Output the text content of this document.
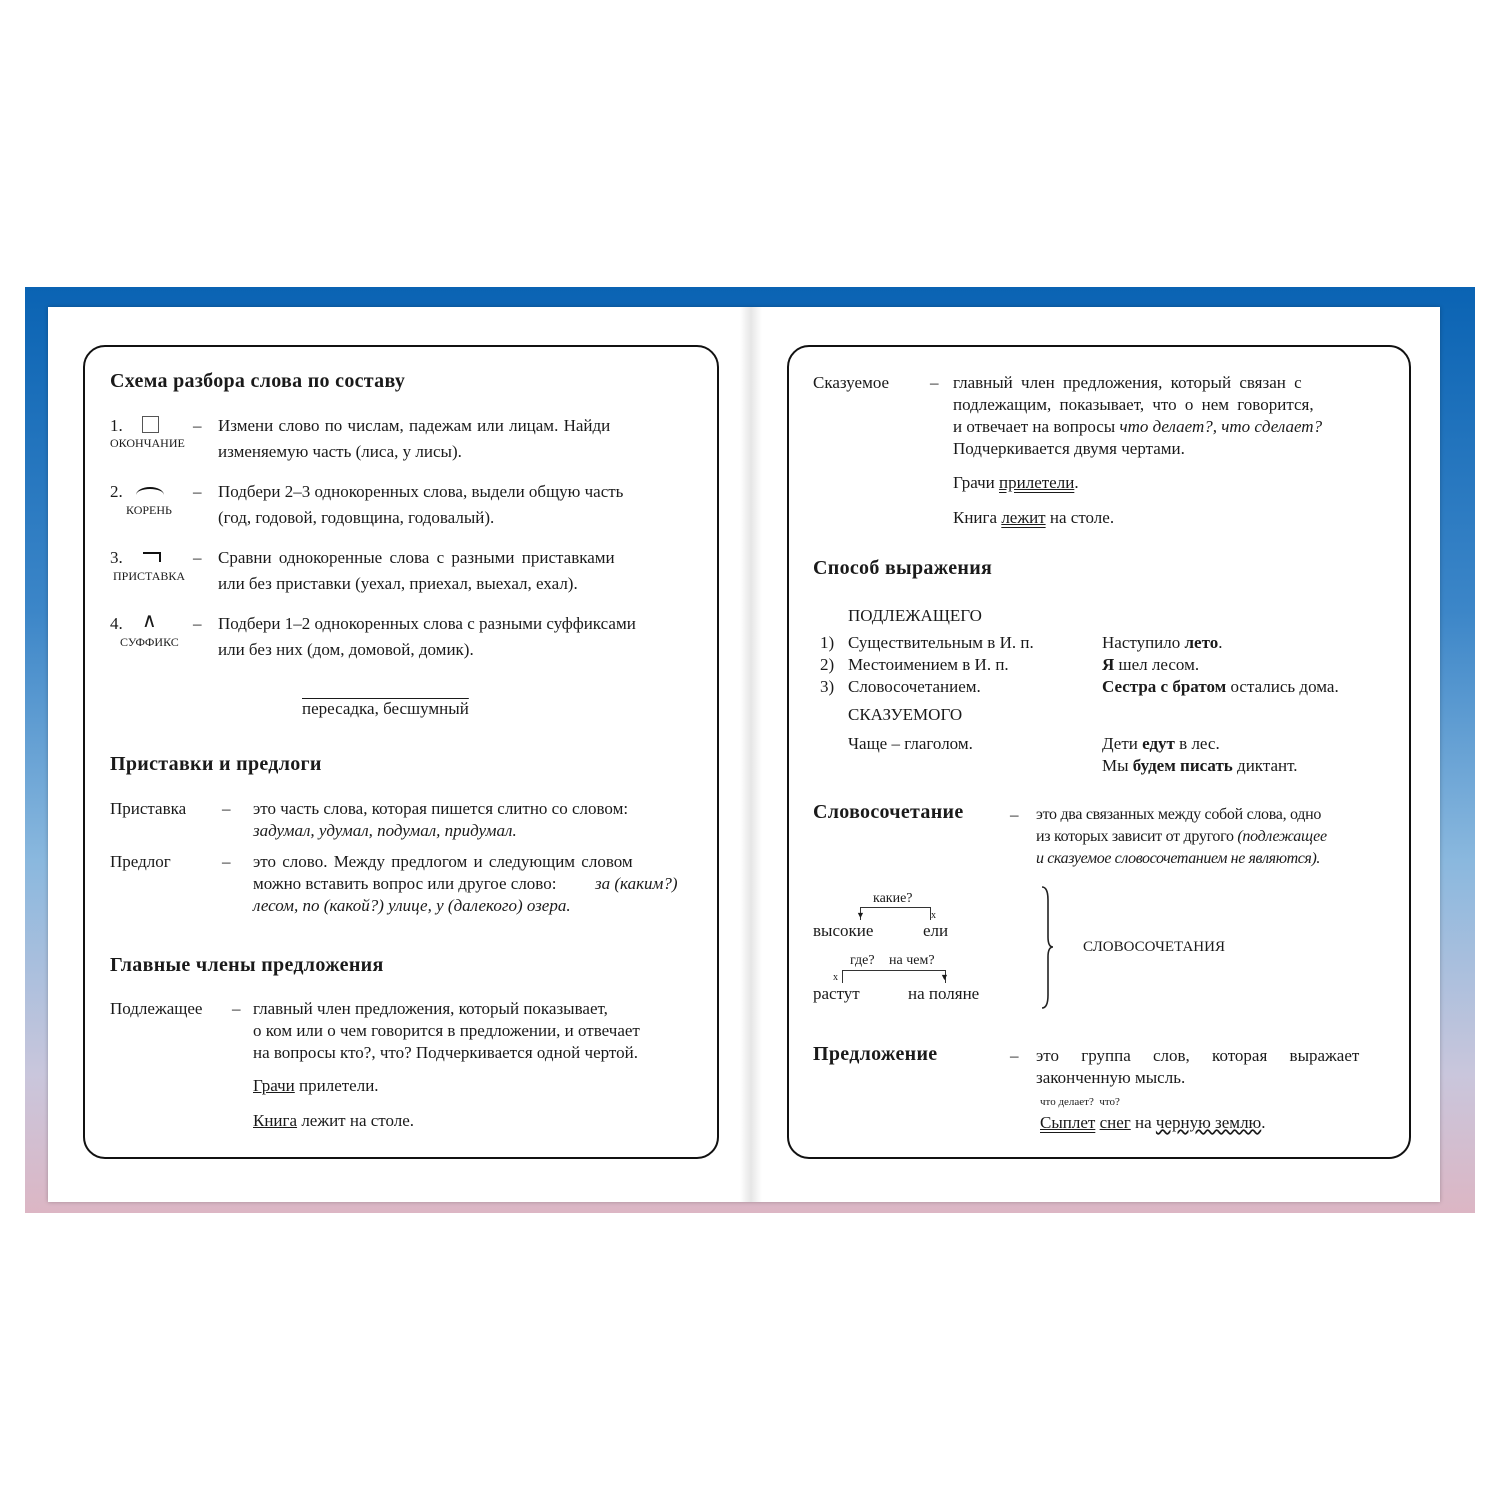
Схема разбора слова по составу
1.
ОКОНЧАНИЕ
– Измени слово по числам, падежам или лицам. Найди
изменяемую часть (лиса, у лисы).
2.
КОРЕНЬ
– Подбери 2–3 однокоренных слова, выдели общую часть
(год, годовой, годовщина, годовалый).
3.
ПРИСТАВКА
– Сравни однокоренные слова с разными приставками
или без приставки (уехал, приехал, выехал, ехал).
4. ∧
СУФФИКС
– Подбери 1–2 однокоренных слова с разными суффиксами
или без них (дом, домовой, домик).
пересадка, бесшумный
Приставки и предлоги
Приставка – это часть слова, которая пишется слитно со словом:
задумал, удумал, подумал, придумал.
Предлог	– это слово. Между предлогом и следующим словом
можно вставить вопрос или другое слово: за (каким?)
лесом, по (какой?) улице, у (далекого) озера.
Главные члены предложения
Подлежащее – главный член предложения, который показывает,
о ком или о чем говорится в предложении, и отвечает
на вопросы кто?, что? Подчеркивается одной чертой.
Грачи прилетели.
Книга лежит на столе.
Сказуемое – главный член предложения, который связан с
подлежащим, показывает, что о нем говорится,
и отвечает на вопросы что делает?, что сделает?
Подчеркивается двумя чертами.
Грачи прилетели.
Книга лежит на столе.
Способ выражения
ПОДЛЕЖАЩЕГО
1) Существительным в И. п.	Наступило лето.
2) Местоимением в И. п.	Я шел лесом.
3) Словосочетанием.	Сестра с братом остались дома.
СКАЗУЕМОГО
Чаще – глаголом.	Дети едут в лес.
Мы будем писать диктант.
Словосочетание	– это два связанных между собой слова, одно
из которых зависит от другого (подлежащее
и сказуемое словосочетанием не являются).
какие?
▼	x
высокие	ели
где? на чем?
▼
x
растут	на поляне
СЛОВОСОЧЕТАНИЯ
Предложение	– это группа слов, которая выражает
законченную мысль.
что делает?  что?
Сыплет снег на черную землю.
